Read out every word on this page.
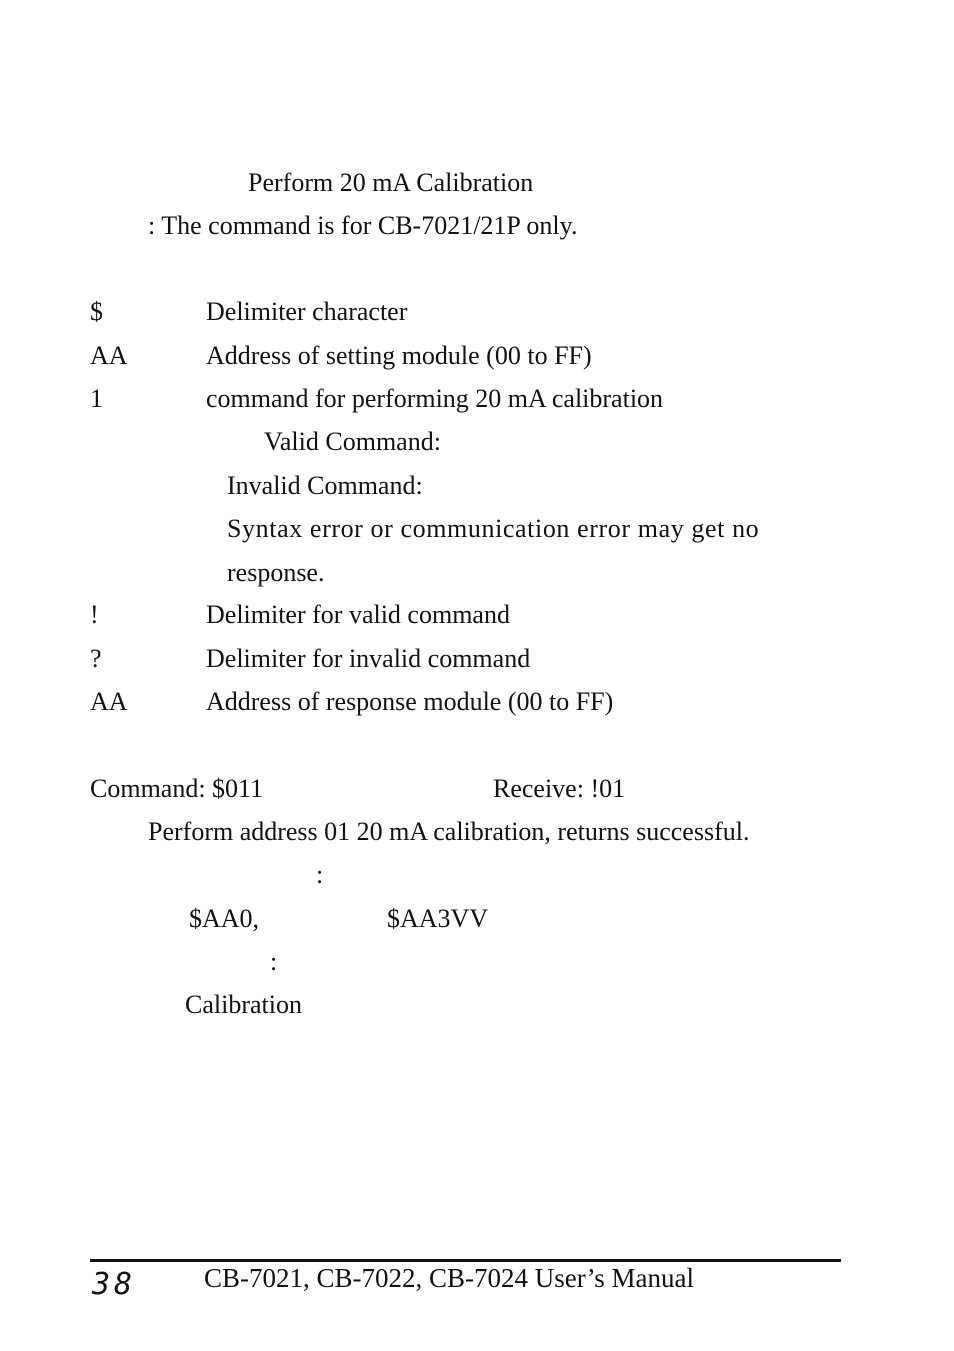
Perform 20 mA Calibration
: The command is for CB-7021/21P only.
$	Delimiter character
AA	Address of setting module (00 to FF)
1	command for performing 20 mA calibration
Valid Command:
Invalid Command:
Syntax error or communication error may get no
response.
!	Delimiter for valid command
?	Delimiter for invalid command
AA	Address of response module (00 to FF)
Command: $011	Receive: !01
Perform address 01 20 mA calibration, returns successful.
:
$AA0,	$AA3VV
:
Calibration
38	CB-7021, CB-7022, CB-7024 User’s Manual
